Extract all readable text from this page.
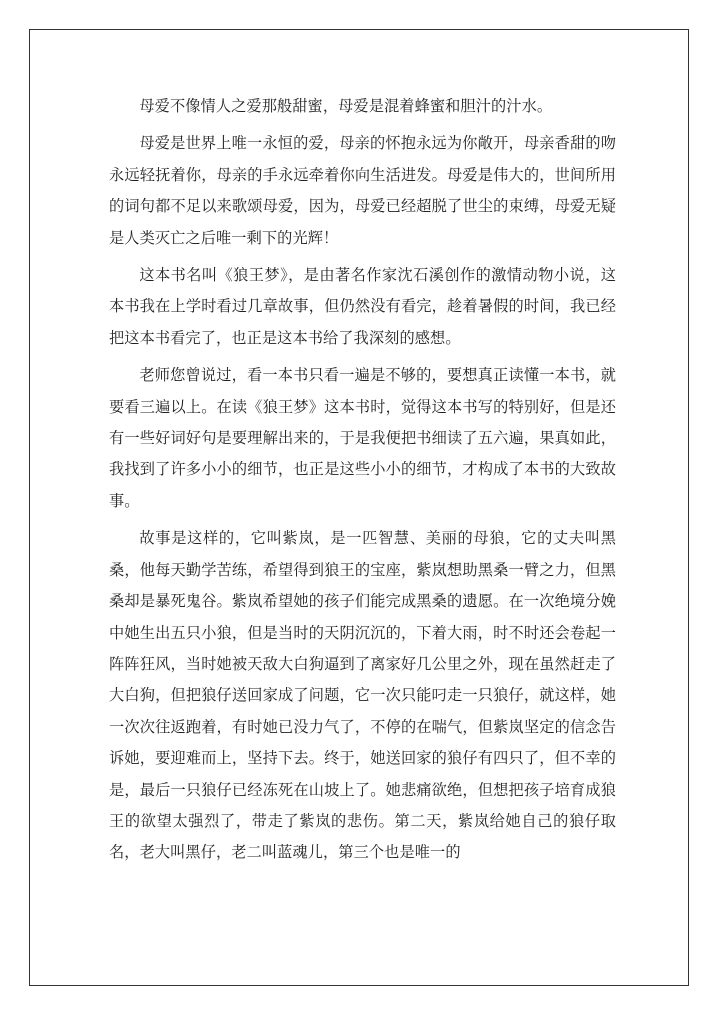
母爱不像情人之爱那般甜蜜，母爱是混着蜂蜜和胆汁的汁水。

母爱是世界上唯一永恒的爱，母亲的怀抱永远为你敞开，母亲香甜的吻永远轻抚着你，母亲的手永远牵着你向生活进发。母爱是伟大的，世间所用的词句都不足以来歌颂母爱，因为，母爱已经超脱了世尘的束缚，母爱无疑是人类灭亡之后唯一剩下的光辉！

这本书名叫《狼王梦》，是由著名作家沈石溪创作的激情动物小说，这本书我在上学时看过几章故事，但仍然没有看完，趁着暑假的时间，我已经把这本书看完了，也正是这本书给了我深刻的感想。

老师您曾说过，看一本书只看一遍是不够的，要想真正读懂一本书，就要看三遍以上。在读《狼王梦》这本书时，觉得这本书写的特别好，但是还有一些好词好句是要理解出来的，于是我便把书细读了五六遍，果真如此，我找到了许多小小的细节，也正是这些小小的细节，才构成了本书的大致故事。

故事是这样的，它叫紫岚，是一匹智慧、美丽的母狼，它的丈夫叫黑桑，他每天勤学苦练，希望得到狼王的宝座，紫岚想助黑桑一臂之力，但黑桑却是暴死鬼谷。紫岚希望她的孩子们能完成黑桑的遗愿。在一次绝境分娩中她生出五只小狼，但是当时的天阴沉沉的，下着大雨，时不时还会卷起一阵阵狂风，当时她被天敌大白狗逼到了离家好几公里之外，现在虽然赶走了大白狗，但把狼仔送回家成了问题，它一次只能叼走一只狼仔，就这样，她一次次往返跑着，有时她已没力气了，不停的在喘气，但紫岚坚定的信念告诉她，要迎难而上，坚持下去。终于，她送回家的狼仔有四只了，但不幸的是，最后一只狼仔已经冻死在山坡上了。她悲痛欲绝，但想把孩子培育成狼王的欲望太强烈了，带走了紫岚的悲伤。第二天，紫岚给她自己的狼仔取名，老大叫黑仔，老二叫蓝魂儿，第三个也是唯一的
